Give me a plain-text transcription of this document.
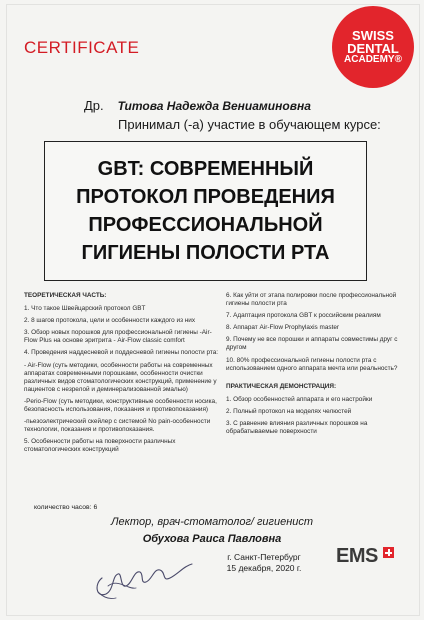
CERTIFICATE
SWISS
DENTAL
ACADEMY®
Др. Титова Надежда Вениаминовна
Принимал (-а) участие в обучающем курсе:
GBT: СОВРЕМЕННЫЙ
ПРОТОКОЛ ПРОВЕДЕНИЯ
ПРОФЕССИОНАЛЬНОЙ
ГИГИЕНЫ ПОЛОСТИ РТА
ТЕОРЕТИЧЕСКАЯ ЧАСТЬ:
1. Что такое Швейцарский протокол GBT
2. 8 шагов протокола, цели и особенности каждого из них
3. Обзор новых порошков для профессиональной гигиены -Air-Flow Plus на основе эритрита - Air-Flow classic comfort
4. Проведения наддесневой и поддесневой гигиены полости рта:
- Air-Flow (суть методики, особенности работы на современных аппаратах современными порошками, особенности очистки различных видов стоматологических конструкций, применение у пациентов с незрелой и деминерализованной эмалью)
-Perio-Flow (суть методики, конструктивные особенности носика, безопасность использования, показания и противопоказания)
-пьезоэлектрический скейлер с системой No pain-особенности технологии, показания и противопоказания.
5. Особенности работы на поверхности различных стоматологических конструкций
6. Как уйти от этапа полировки после профессиональной гигиены полости рта
7. Адаптация протокола GBT к российским реалиям
8. Аппарат Air-Flow Prophylaxis master
9. Почему не все порошки и аппараты совместимы друг с другом
10. 80% профессиональной гигиены полости рта с использованием одного аппарата мечта или реальность?
ПРАКТИЧЕСКАЯ ДЕМОНСТРАЦИЯ:
1. Обзор особенностей аппарата и его настройки
2. Полный протокол на моделях челюстей
3. С равнение влияния различных порошков на обрабатываемые поверхности
количество часов: 6
Лектор, врач-стоматолог/ гигиенист
Обухова Раиса Павловна
г. Санкт-Петербург
15 декабря, 2020 г.
EMS
